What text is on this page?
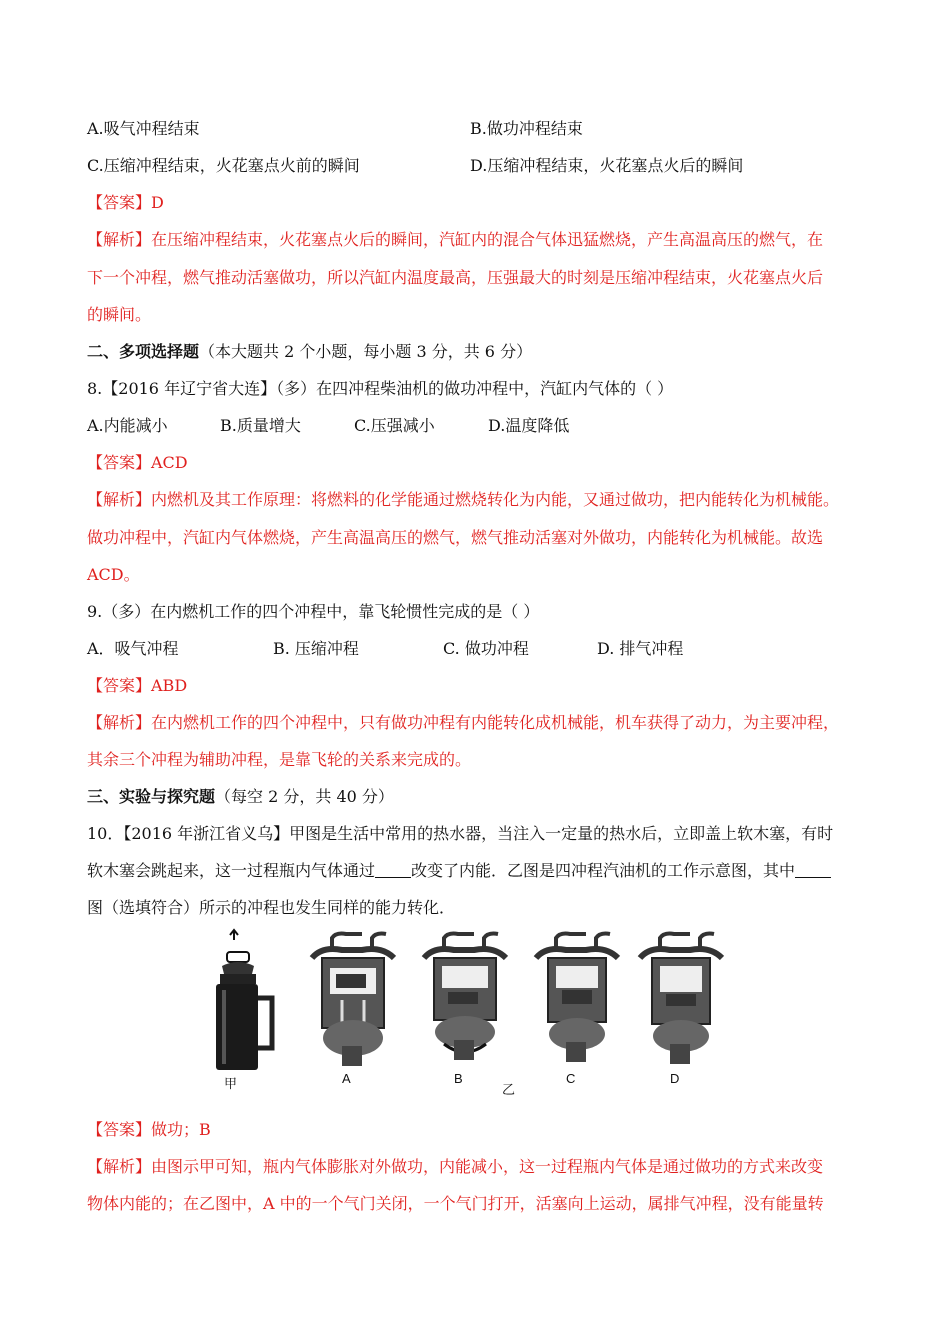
A.吸气冲程结束	B.做功冲程结束
C.压缩冲程结束，火花塞点火前的瞬间	D.压缩冲程结束，火花塞点火后的瞬间
【答案】D
【解析】在压缩冲程结束，火花塞点火后的瞬间，汽缸内的混合气体迅猛燃烧，产生高温高压的燃气，在
下一个冲程，燃气推动活塞做功，所以汽缸内温度最高，压强最大的时刻是压缩冲程结束，火花塞点火后
的瞬间。
二、多项选择题（本大题共 2 个小题，每小题 3 分，共 6 分）
8.【2016 年辽宁省大连】（多）在四冲程柴油机的做功冲程中，汽缸内气体的（ ）
A.内能减小	B.质量增大	C.压强减小	D.温度降低
【答案】ACD
【解析】内燃机及其工作原理：将燃料的化学能通过燃烧转化为内能，又通过做功，把内能转化为机械能。
做功冲程中，汽缸内气体燃烧，产生高温高压的燃气，燃气推动活塞对外做功，内能转化为机械能。故选
ACD。
9.（多）在内燃机工作的四个冲程中，靠飞轮惯性完成的是（ ）
A．吸气冲程	B. 压缩冲程	C. 做功冲程	D. 排气冲程
【答案】ABD
【解析】在内燃机工作的四个冲程中，只有做功冲程有内能转化成机械能，机车获得了动力，为主要冲程，
其余三个冲程为辅助冲程，是靠飞轮的关系来完成的。
三、实验与探究题（每空 2 分，共 40 分）
10．【2016 年浙江省义乌】甲图是生活中常用的热水器，当注入一定量的热水后，立即盖上软木塞，有时
软木塞会跳起来，这一过程瓶内气体通过 改变了内能．乙图是四冲程汽油机的工作示意图，其中
图（选填符合）所示的冲程也发生同样的能力转化．
甲	A	B	C	D
乙
【答案】做功；B
【解析】由图示甲可知，瓶内气体膨胀对外做功，内能减小，这一过程瓶内气体是通过做功的方式来改变
物体内能的；在乙图中，A 中的一个气门关闭，一个气门打开，活塞向上运动，属排气冲程，没有能量转
